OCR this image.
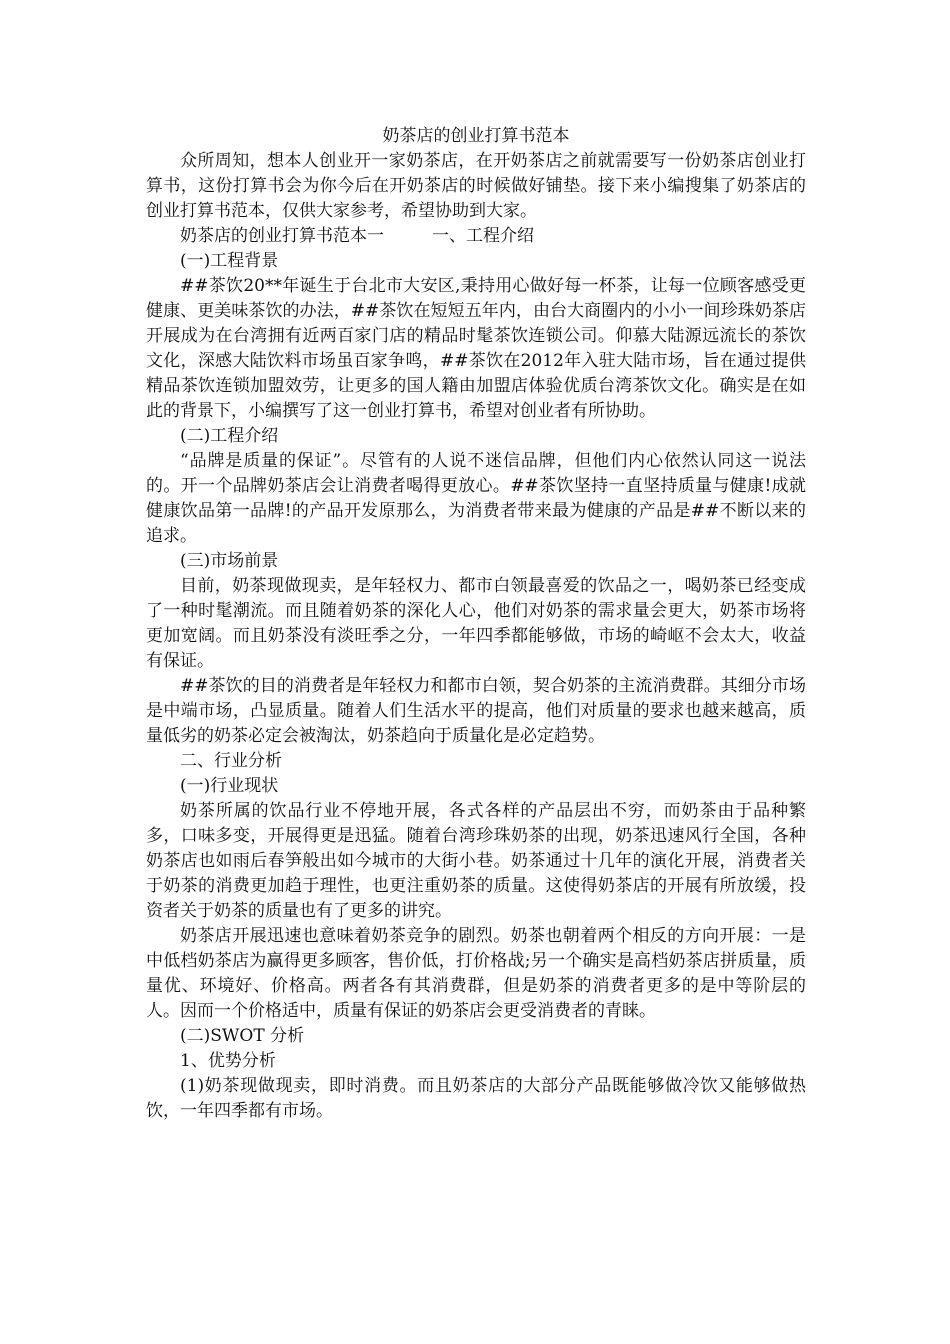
奶茶店的创业打算书范本

众所周知，想本人创业开一家奶茶店，在开奶茶店之前就需要写一份奶茶店创业打算书，这份打算书会为你今后在开奶茶店的时候做好铺垫。接下来小编搜集了奶茶店的创业打算书范本，仅供大家参考，希望协助到大家。

奶茶店的创业打算书范本一	一、工程介绍

(一)工程背景

##茶饮20**年诞生于台北市大安区,秉持用心做好每一杯茶，让每一位顾客感受更健康、更美味茶饮的办法，##茶饮在短短五年内，由台大商圈内的小小一间珍珠奶茶店开展成为在台湾拥有近两百家门店的精品时髦茶饮连锁公司。仰慕大陆源远流长的茶饮文化，深感大陆饮料市场虽百家争鸣，##茶饮在2012年入驻大陆市场，旨在通过提供精品茶饮连锁加盟效劳，让更多的国人籍由加盟店体验优质台湾茶饮文化。确实是在如此的背景下，小编撰写了这一创业打算书，希望对创业者有所协助。

(二)工程介绍

“品牌是质量的保证”。尽管有的人说不迷信品牌，但他们内心依然认同这一说法的。开一个品牌奶茶店会让消费者喝得更放心。##茶饮坚持一直坚持质量与健康!成就健康饮品第一品牌!的产品开发原那么，为消费者带来最为健康的产品是##不断以来的追求。

(三)市场前景

目前，奶茶现做现卖，是年轻权力、都市白领最喜爱的饮品之一，喝奶茶已经变成了一种时髦潮流。而且随着奶茶的深化人心，他们对奶茶的需求量会更大，奶茶市场将更加宽阔。而且奶茶没有淡旺季之分，一年四季都能够做，市场的崎岖不会太大，收益有保证。

##茶饮的目的消费者是年轻权力和都市白领，契合奶茶的主流消费群。其细分市场是中端市场，凸显质量。随着人们生活水平的提高，他们对质量的要求也越来越高，质量低劣的奶茶必定会被淘汰，奶茶趋向于质量化是必定趋势。

二、行业分析

(一)行业现状

奶茶所属的饮品行业不停地开展，各式各样的产品层出不穷，而奶茶由于品种繁多，口味多变，开展得更是迅猛。随着台湾珍珠奶茶的出现，奶茶迅速风行全国，各种奶茶店也如雨后春笋般出如今城市的大街小巷。奶茶通过十几年的演化开展，消费者关于奶茶的消费更加趋于理性，也更注重奶茶的质量。这使得奶茶店的开展有所放缓，投资者关于奶茶的质量也有了更多的讲究。

奶茶店开展迅速也意味着奶茶竞争的剧烈。奶茶也朝着两个相反的方向开展：一是中低档奶茶店为赢得更多顾客，售价低，打价格战;另一个确实是高档奶茶店拼质量，质量优、环境好、价格高。两者各有其消费群，但是奶茶的消费者更多的是中等阶层的人。因而一个价格适中，质量有保证的奶茶店会更受消费者的青睐。

(二)SWOT 分析

1、优势分析

(1)奶茶现做现卖，即时消费。而且奶茶店的大部分产品既能够做冷饮又能够做热饮，一年四季都有市场。
